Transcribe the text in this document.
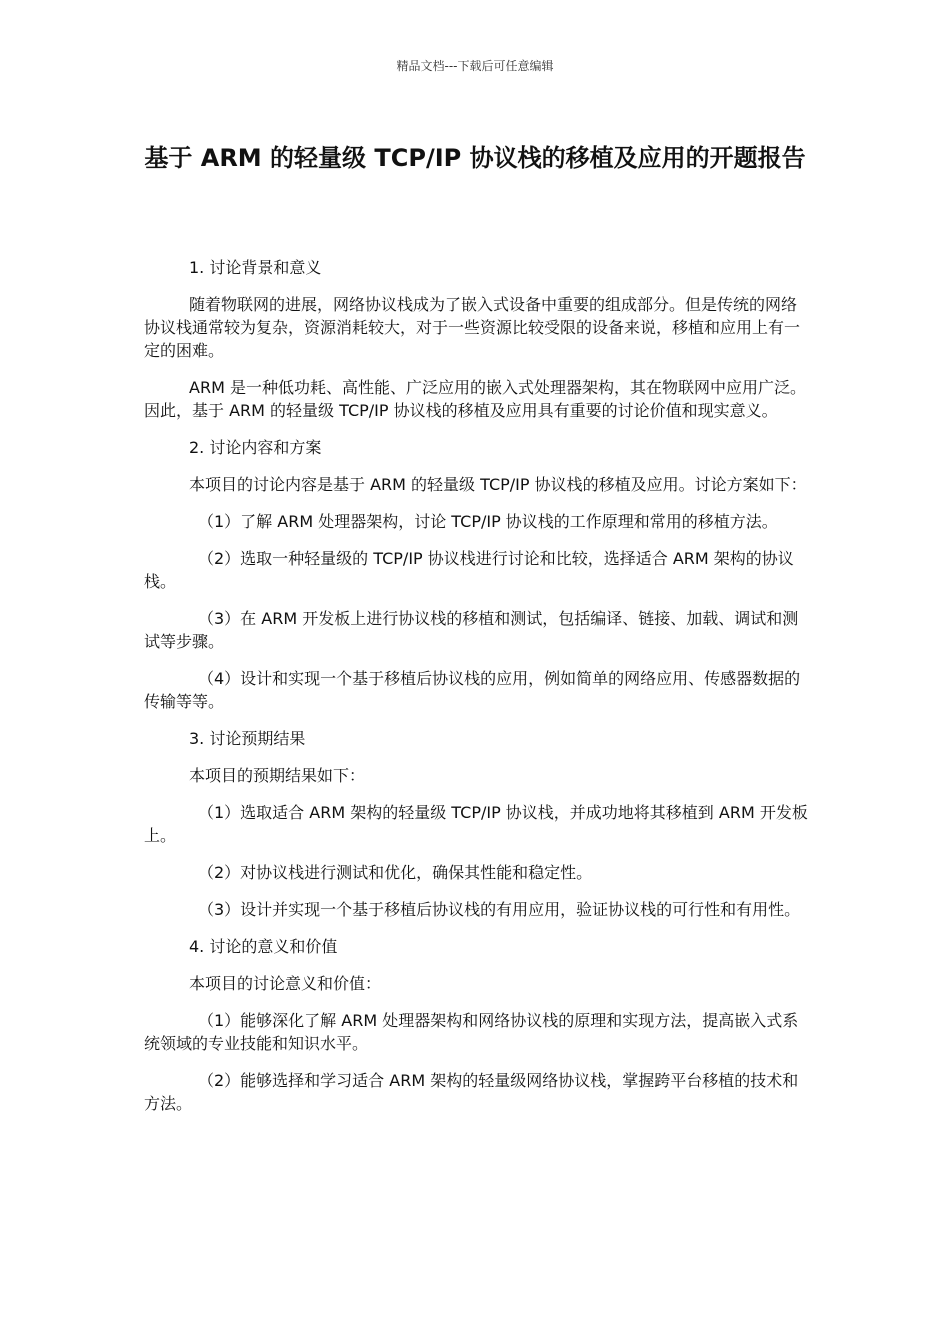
精品文档---下载后可任意编辑
基于 ARM 的轻量级 TCP/IP 协议栈的移植及应用的开题报告

1. 讨论背景和意义

随着物联网的进展，网络协议栈成为了嵌入式设备中重要的组成部分。但是传统的网络协议栈通常较为复杂，资源消耗较大，对于一些资源比较受限的设备来说，移植和应用上有一定的困难。

ARM 是一种低功耗、高性能、广泛应用的嵌入式处理器架构，其在物联网中应用广泛。因此，基于 ARM 的轻量级 TCP/IP 协议栈的移植及应用具有重要的讨论价值和现实意义。

2. 讨论内容和方案

本项目的讨论内容是基于 ARM 的轻量级 TCP/IP 协议栈的移植及应用。讨论方案如下：

（1）了解 ARM 处理器架构，讨论 TCP/IP 协议栈的工作原理和常用的移植方法。

（2）选取一种轻量级的 TCP/IP 协议栈进行讨论和比较，选择适合 ARM 架构的协议栈。

（3）在 ARM 开发板上进行协议栈的移植和测试，包括编译、链接、加载、调试和测试等步骤。

（4）设计和实现一个基于移植后协议栈的应用，例如简单的网络应用、传感器数据的传输等等。

3. 讨论预期结果

本项目的预期结果如下：

（1）选取适合 ARM 架构的轻量级 TCP/IP 协议栈，并成功地将其移植到 ARM 开发板上。

（2）对协议栈进行测试和优化，确保其性能和稳定性。

（3）设计并实现一个基于移植后协议栈的有用应用，验证协议栈的可行性和有用性。

4. 讨论的意义和价值

本项目的讨论意义和价值：

（1）能够深化了解 ARM 处理器架构和网络协议栈的原理和实现方法，提高嵌入式系统领域的专业技能和知识水平。

（2）能够选择和学习适合 ARM 架构的轻量级网络协议栈，掌握跨平台移植的技术和方法。
